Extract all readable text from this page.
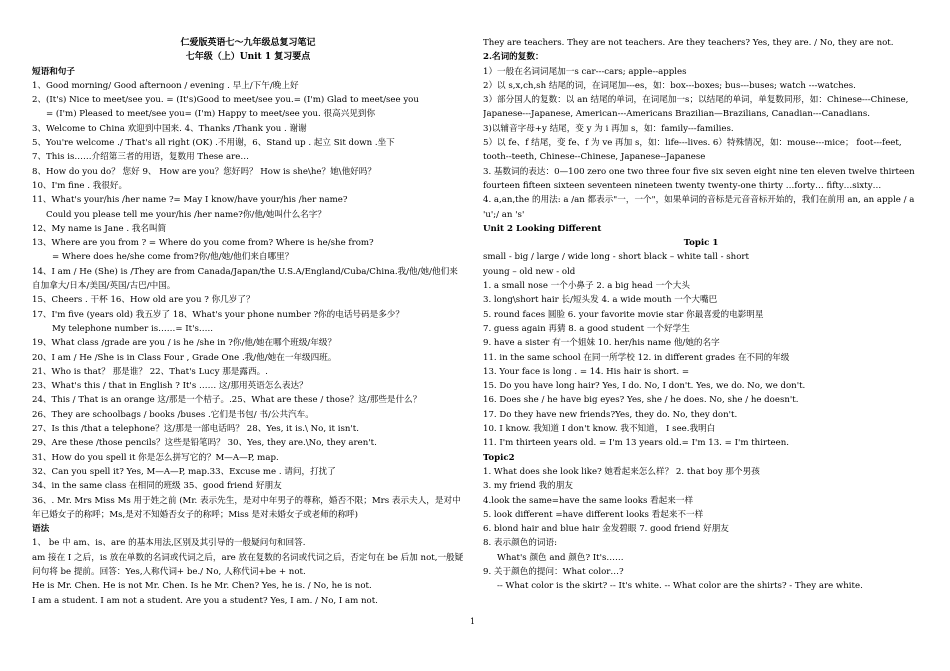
仁爱版英语七～九年级总复习笔记
七年级（上）Unit 1 复习要点
短语和句子
1、Good morning/ Good afternoon / evening . 早上/下午/晚上好
2、(It's) Nice to meet/see you. = (It's)Good to meet/see you.= (I'm) Glad to meet/see you
= (I'm) Pleased to meet/see you= (I'm) Happy to meet/see you. 很高兴见到你
3、Welcome to China 欢迎到中国来. 4、Thanks /Thank you . 谢谢
5、You're welcome ./ That's all right (OK) .不用谢，6、Stand up . 起立 Sit down .坐下
7、This is……介绍第三者的用语，复数用 These are…
8、How do you do？ 您好 9、 How are you？您好吗？ How is she\he？她\他好吗？
10、I'm fine . 我很好。
11、What's your/his /her name ?= May I know/have your/his /her name?
Could you please tell me your/his /her name?你/他/她叫什么名字？
12、My name is Jane . 我名叫简
13、Where are you from ? = Where do you come from? Where is he/she from?
= Where does he/she come from?你/他/她/他们来自哪里？
14、I am / He (She) is /They are from Canada/Japan/the U.S.A/England/Cuba/China.我/他/她/他们来自加拿大/日本/美国/英国/古巴/中国。
15、Cheers . 干杯 16、How old are you ? 你几岁了？
17、I'm five (years old) 我五岁了 18、What's your phone number ?你的电话号码是多少？
My telephone number is……= It's…..
19、What class /grade are you / is he /she in ?你/他/她在哪个班级/年级？
20、I am / He /She is in Class Four , Grade One .我/他/她在一年级四班。
21、Who is that？ 那是谁？ 22、That's Lucy 那是露西。.
23、What's this / that in English ? It's …… 这/那用英语怎么表达？
24、This / That is an orange 这/那是一个桔子。.25、What are these / those？这/那些是什么？
26、They are schoolbags / books /buses .它们是书包/ 书/公共汽车。
27、Is this /that a telephone？这/那是一部电话吗？ 28、Yes, it is.\ No, it isn't.
29、Are these /those pencils？这些是铅笔吗？ 30、Yes, they are.\No, they aren't.
31、How do you spell it 你是怎么拼写它的？M—A—P, map.
32、Can you spell it? Yes, M—A—P, map.33、Excuse me . 请问，打扰了
34、in the same class 在相同的班级 35、good friend 好朋友
36、. Mr. Mrs Miss Ms 用于姓之前 (Mr. 表示先生，是对中年男子的尊称，婚否不限；Mrs 表示夫人，是对中年已婚女子的称呼；Ms,是对不知婚否女子的称呼；Miss 是对未婚女子或老师的称呼)
语法
1、 be 中 am、is、are 的基本用法,区别及其引导的一般疑问句和回答.
am 接在 I 之后，is 放在单数的名词或代词之后，are 放在复数的名词或代词之后，否定句在 be 后加 not,一般疑问句将 be 提前。回答：Yes,人称代词+ be./ No, 人称代词+be + not.
He is Mr. Chen. He is not Mr. Chen. Is he Mr. Chen? Yes, he is. / No, he is not.
I am a student. I am not a student. Are you a student? Yes, I am. / No, I am not.
They are teachers. They are not teachers. Are they teachers? Yes, they are. / No, they are not.
2.名词的复数：
1）一般在名词词尾加一s car---cars; apple--apples
2）以 s,x,ch,sh 结尾的词，在词尾加---es，如：box---boxes; bus---buses; watch ---watches.
3）部分国人的复数：以 an 结尾的单词，在词尾加一s；以结尾的单词，单复数同形，如：Chinese---Chinese, Japanese---Japanese, American---Americans Brazilian—Brazilians, Canadian---Canadians.
3)以辅音字母+y 结尾，变 y 为 i 再加 s，如：family---families.
5）以 fe、f 结尾，变 fe、f 为 ve 再加 s，如：life---lives. 6）特殊情况，如：mouse---mice； foot---feet, tooth--teeth, Chinese--Chinese, Japanese--Japanese
3. 基数词的表达：0—100 zero one two three four five six seven eight nine ten eleven twelve thirteen fourteen fifteen sixteen seventeen nineteen twenty twenty-one thirty …forty… fifty…sixty…
4. a,an,the 的用法: a /an 都表示"一，一个"，如果单词的音标是元音音标开始的，我们在前用 an, an apple / a 'u';/ an 's'
Unit 2 Looking Different
Topic 1
small - big / large / wide long - short black – white tall - short
young – old new - old
1. a small nose 一个小鼻子 2. a big head 一个大头
3. long\short hair 长/短头发 4. a wide mouth 一个大嘴巴
5. round faces 圆脸 6. your favorite movie star 你最喜爱的电影明星
7. guess again 再猜 8. a good student 一个好学生
9. have a sister 有一个姐妹 10. her/his name 他/她的名字
11. in the same school 在同一所学校 12. in different grades 在不同的年级
13. Your face is long . = 14. His hair is short. =
15. Do you have long hair? Yes, I do. No, I don't. Yes, we do. No, we don't.
16. Does she / he have big eyes? Yes, she / he does. No, she / he doesn't.
17. Do they have new friends?Yes, they do. No, they don't.
10. I know. 我知道 I don't know. 我不知道， I see.我明白
11. I'm thirteen years old. = I'm 13 years old.= I'm 13. = I'm thirteen.
Topic2
1. What does she look like? 她看起来怎么样？ 2. that boy 那个男孩
3. my friend 我的朋友
4.look the same=have the same looks 看起来一样
5. look different =have different looks 看起来不一样
6. blond hair and blue hair 金发碧眼 7. good friend 好朋友
8. 表示颜色的词语:
What's 颜色 and 颜色? It's……
9. 关于颜色的提问：What color…?
-- What color is the skirt? -- It's white. -- What color are the shirts? - They are white.
1
